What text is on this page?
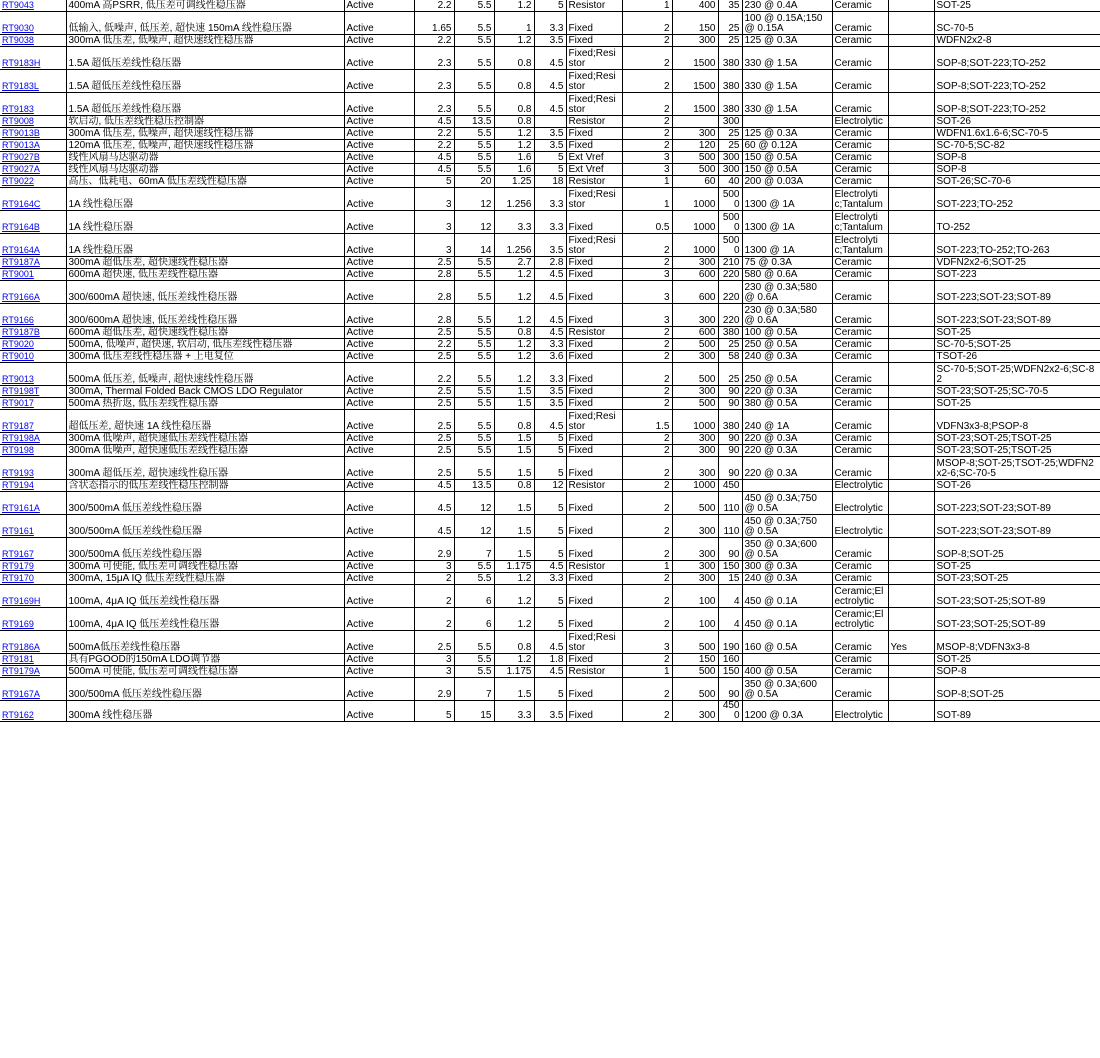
RT9043	400mA 高PSRR, 低压差可调线性稳压器	Active	2.2	5.5	1.2	5	Resistor	1	400	35	230 @ 0.4A	Ceramic		SOT-25
RT9030	低输入, 低噪声, 低压差, 超快速 150mA 线性稳压器	Active	1.65	5.5	1	3.3	Fixed	2	150	25	100 @ 0.15A;150 @ 0.15A	Ceramic		SC-70-5
RT9038	300mA 低压差, 低噪声, 超快速线性稳压器	Active	2.2	5.5	1.2	3.5	Fixed	2	300	25	125 @ 0.3A	Ceramic		WDFN2x2-8
RT9183H	1.5A 超低压差线性稳压器	Active	2.3	5.5	0.8	4.5	Fixed;Resistor	2	1500	380	330 @ 1.5A	Ceramic		SOP-8;SOT-223;TO-252
RT9183L	1.5A 超低压差线性稳压器	Active	2.3	5.5	0.8	4.5	Fixed;Resistor	2	1500	380	330 @ 1.5A	Ceramic		SOP-8;SOT-223;TO-252
RT9183	1.5A 超低压差线性稳压器	Active	2.3	5.5	0.8	4.5	Fixed;Resistor	2	1500	380	330 @ 1.5A	Ceramic		SOP-8;SOT-223;TO-252
RT9008	软启动, 低压差线性稳压控制器	Active	4.5	13.5	0.8		Resistor	2		300		Electrolytic		SOT-26
RT9013B	300mA 低压差, 低噪声, 超快速线性稳压器	Active	2.2	5.5	1.2	3.5	Fixed	2	300	25	125 @ 0.3A	Ceramic		WDFN1.6x1.6-6;SC-70-5
RT9013A	120mA 低压差, 低噪声, 超快速线性稳压器	Active	2.2	5.5	1.2	3.5	Fixed	2	120	25	60 @ 0.12A	Ceramic		SC-70-5;SC-82
RT9027B	线性风扇马达驱动器	Active	4.5	5.5	1.6	5	Ext Vref	3	500	300	150 @ 0.5A	Ceramic		SOP-8
RT9027A	线性风扇马达驱动器	Active	4.5	5.5	1.6	5	Ext Vref	3	500	300	150 @ 0.5A	Ceramic		SOP-8
RT9022	高压、低耗电、60mA 低压差线性稳压器	Active	5	20	1.25	18	Resistor	1	60	40	200 @ 0.03A	Ceramic		SOT-26;SC-70-6
RT9164C	1A 线性稳压器	Active	3	12	1.256	3.3	Fixed;Resistor	1	1000	5000	1300 @ 1A	Electrolytic;Tantalum		SOT-223;TO-252
RT9164B	1A 线性稳压器	Active	3	12	3.3	3.3	Fixed	0.5	1000	5000	1300 @ 1A	Electrolytic;Tantalum		TO-252
RT9164A	1A 线性稳压器	Active	3	14	1.256	3.5	Fixed;Resistor	2	1000	5000	1300 @ 1A	Electrolytic;Tantalum		SOT-223;TO-252;TO-263
RT9187A	300mA 超低压差, 超快速线性稳压器	Active	2.5	5.5	2.7	2.8	Fixed	2	300	210	75 @ 0.3A	Ceramic		VDFN2x2-6;SOT-25
RT9001	600mA 超快速, 低压差线性稳压器	Active	2.8	5.5	1.2	4.5	Fixed	3	600	220	580 @ 0.6A	Ceramic		SOT-223
RT9166A	300/600mA 超快速, 低压差线性稳压器	Active	2.8	5.5	1.2	4.5	Fixed	3	600	220	230 @ 0.3A;580 @ 0.6A	Ceramic		SOT-223;SOT-23;SOT-89
RT9166	300/600mA 超快速, 低压差线性稳压器	Active	2.8	5.5	1.2	4.5	Fixed	3	300	220	230 @ 0.3A;580 @ 0.6A	Ceramic		SOT-223;SOT-23;SOT-89
RT9187B	600mA 超低压差, 超快速线性稳压器	Active	2.5	5.5	0.8	4.5	Resistor	2	600	380	100 @ 0.5A	Ceramic		SOT-25
RT9020	500mA, 低噪声, 超快速, 软启动, 低压差线性稳压器	Active	2.2	5.5	1.2	3.3	Fixed	2	500	25	250 @ 0.5A	Ceramic		SC-70-5;SOT-25
RT9010	300mA 低压差线性稳压器 + 上电复位	Active	2.5	5.5	1.2	3.6	Fixed	2	300	58	240 @ 0.3A	Ceramic		TSOT-26
RT9013	500mA 低压差, 低噪声, 超快速线性稳压器	Active	2.2	5.5	1.2	3.3	Fixed	2	500	25	250 @ 0.5A	Ceramic		SC-70-5;SOT-25;WDFN2x2-6;SC-82
RT9198T	300mA, Thermal Folded Back CMOS LDO Regulator	Active	2.5	5.5	1.5	3.5	Fixed	2	300	90	220 @ 0.3A	Ceramic		SOT-23;SOT-25;SC-70-5
RT9017	500mA 热折返, 低压差线性稳压器	Active	2.5	5.5	1.5	3.5	Fixed	2	500	90	380 @ 0.5A	Ceramic		SOT-25
RT9187	超低压差, 超快速 1A 线性稳压器	Active	2.5	5.5	0.8	4.5	Fixed;Resistor	1.5	1000	380	240 @ 1A	Ceramic		VDFN3x3-8;PSOP-8
RT9198A	300mA 低噪声, 超快速低压差线性稳压器	Active	2.5	5.5	1.5	5	Fixed	2	300	90	220 @ 0.3A	Ceramic		SOT-23;SOT-25;TSOT-25
RT9198	300mA 低噪声, 超快速低压差线性稳压器	Active	2.5	5.5	1.5	5	Fixed	2	300	90	220 @ 0.3A	Ceramic		SOT-23;SOT-25;TSOT-25
RT9193	300mA 超低压差, 超快速线性稳压器	Active	2.5	5.5	1.5	5	Fixed	2	300	90	220 @ 0.3A	Ceramic		MSOP-8;SOT-25;TSOT-25;WDFN2x2-6;SC-70-5
RT9194	含状态指示的低压差线性稳压控制器	Active	4.5	13.5	0.8	12	Resistor	2	1000	450		Electrolytic		SOT-26
RT9161A	300/500mA 低压差线性稳压器	Active	4.5	12	1.5	5	Fixed	2	500	110	450 @ 0.3A;750 @ 0.5A	Electrolytic		SOT-223;SOT-23;SOT-89
RT9161	300/500mA 低压差线性稳压器	Active	4.5	12	1.5	5	Fixed	2	300	110	450 @ 0.3A;750 @ 0.5A	Electrolytic		SOT-223;SOT-23;SOT-89
RT9167	300/500mA 低压差线性稳压器	Active	2.9	7	1.5	5	Fixed	2	300	90	350 @ 0.3A;600 @ 0.5A	Ceramic		SOP-8;SOT-25
RT9179	300mA 可使能, 低压差可调线性稳压器	Active	3	5.5	1.175	4.5	Resistor	1	300	150	300 @ 0.3A	Ceramic		SOT-25
RT9170	300mA, 15μA IQ 低压差线性稳压器	Active	2	5.5	1.2	3.3	Fixed	2	300	15	240 @ 0.3A	Ceramic		SOT-23;SOT-25
RT9169H	100mA, 4μA IQ 低压差线性稳压器	Active	2	6	1.2	5	Fixed	2	100	4	450 @ 0.1A	Ceramic;Electrolytic		SOT-23;SOT-25;SOT-89
RT9169	100mA, 4μA IQ 低压差线性稳压器	Active	2	6	1.2	5	Fixed	2	100	4	450 @ 0.1A	Ceramic;Electrolytic		SOT-23;SOT-25;SOT-89
RT9186A	500mA低压差线性稳压器	Active	2.5	5.5	0.8	4.5	Fixed;Resistor	3	500	190	160 @ 0.5A	Ceramic	Yes	MSOP-8;VDFN3x3-8
RT9181	具有PGOOD的150mA LDO调节器	Active	3	5.5	1.2	1.8	Fixed	2	150	160		Ceramic		SOT-25
RT9179A	500mA 可使能, 低压差可调线性稳压器	Active	3	5.5	1.175	4.5	Resistor	1	500	150	400 @ 0.5A	Ceramic		SOP-8
RT9167A	300/500mA 低压差线性稳压器	Active	2.9	7	1.5	5	Fixed	2	500	90	350 @ 0.3A;600 @ 0.5A	Ceramic		SOP-8;SOT-25
RT9162	300mA 线性稳压器	Active	5	15	3.3	3.5	Fixed	2	300	4500	1200 @ 0.3A	Electrolytic		SOT-89
